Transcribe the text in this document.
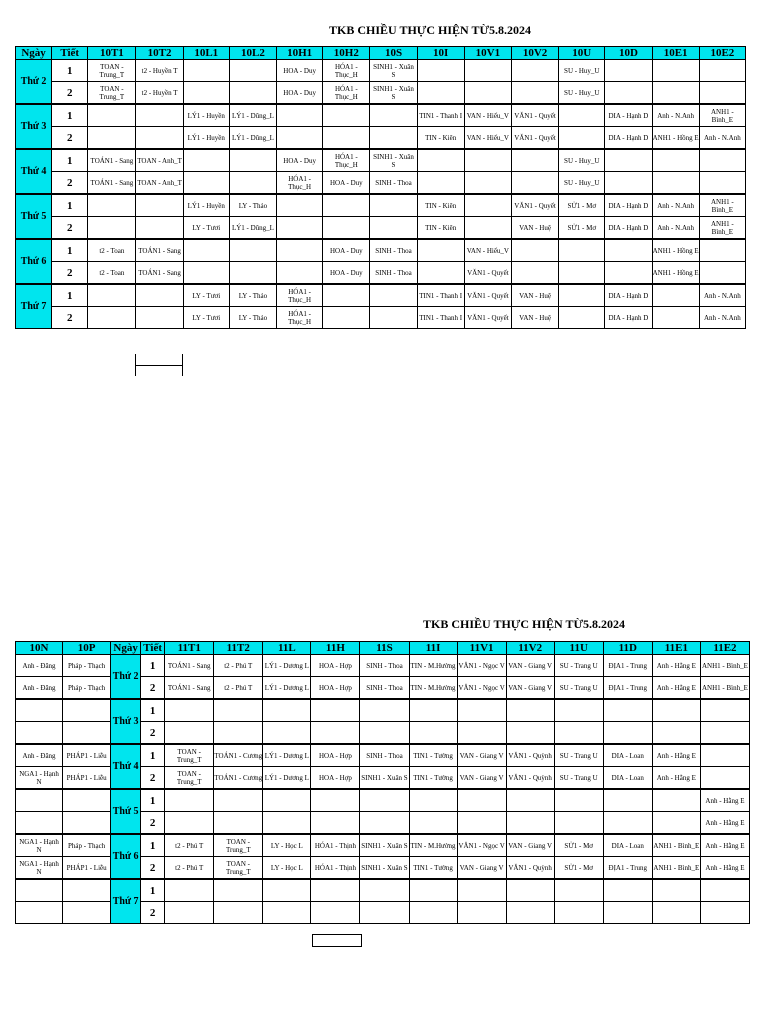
TKB CHIỀU THỰC HIỆN TỪ5.8.2024
Ngày	Tiết	10T1	10T2	10L1	10L2	10H1	10H2	10S	10I	10V1	10V2	10U	10D	10E1	10E2
Thứ 2	1	TOAN - Trung_T	t2 - Huyền T			HOA - Duy	HÓA1 - Thục_H	SINH1 - Xuân S				SU - Huy_U			
	2	TOAN - Trung_T	t2 - Huyền T			HOA - Duy	HÓA1 - Thục_H	SINH1 - Xuân S				SU - Huy_U			
Thứ 3	1			LÝ1 - Huyền	LÝ1 - Dũng_L				TIN1 - Thanh I	VAN - Hiếu_V	VĂN1 - Quyết		DIA - Hạnh D	Anh - N.Anh	ANH1 - Bình_E
	2			LÝ1 - Huyền	LÝ1 - Dũng_L				TIN - Kiên	VAN - Hiếu_V	VĂN1 - Quyết		DIA - Hạnh D	ANH1 - Hồng E	Anh - N.Anh
Thứ 4	1	TOÁN1 - Sang	TOAN - Anh_T			HOA - Duy	HÓA1 - Thục_H	SINH1 - Xuân S				SU - Huy_U			
	2	TOÁN1 - Sang	TOAN - Anh_T			HÓA1 - Thục_H	HOA - Duy	SINH - Thoa				SU - Huy_U			
Thứ 5	1			LÝ1 - Huyền	LY - Thảo				TIN - Kiên		VĂN1 - Quyết	SỬ1 - Mơ	DIA - Hạnh D	Anh - N.Anh	ANH1 - Bình_E
	2			LY - Tươi	LÝ1 - Dũng_L				TIN - Kiên		VAN - Huệ	SỬ1 - Mơ	DIA - Hạnh D	Anh - N.Anh	ANH1 - Bình_E
Thứ 6	1	t2 - Toan	TOÁN1 - Sang				HOA - Duy	SINH - Thoa		VAN - Hiếu_V				ANH1 - Hồng E	
	2	t2 - Toan	TOÁN1 - Sang				HOA - Duy	SINH - Thoa		VĂN1 - Quyết				ANH1 - Hồng E	
Thứ 7	1			LY - Tươi	LY - Thảo	HÓA1 - Thục_H			TIN1 - Thanh I	VĂN1 - Quyết	VAN - Huệ		DIA - Hạnh D		Anh - N.Anh
	2			LY - Tươi	LY - Thảo	HÓA1 - Thục_H			TIN1 - Thanh I	VĂN1 - Quyết	VAN - Huệ		DIA - Hạnh D		Anh - N.Anh
TKB CHIỀU THỰC HIỆN TỪ5.8.2024
10N	10P	Ngày	Tiết	11T1	11T2	11L	11H	11S	11I	11V1	11V2	11U	11D	11E1	11E2
Anh - Đăng	Pháp - Thạch	Thứ 2	1	TOÁN1 - Sang	t2 - Phú T	LÝ1 - Dương L	HOA - Hợp	SINH - Thoa	TIN - M.Hường	VĂN1 - Ngọc V	VAN - Giang V	SU - Trang U	ĐỊA1 - Trung	Anh - Hằng E	ANH1 - Bình_E
Anh - Đăng	Pháp - Thạch		2	TOÁN1 - Sang	t2 - Phú T	LÝ1 - Dương L	HOA - Hợp	SINH - Thoa	TIN - M.Hường	VĂN1 - Ngọc V	VAN - Giang V	SU - Trang U	ĐỊA1 - Trung	Anh - Hằng E	ANH1 - Bình_E
		Thứ 3	1												
			2												
Anh - Đăng	PHÁP1 - Liễu	Thứ 4	1	TOAN - Trung_T	TOÁN1 - Cương	LÝ1 - Dương L	HOA - Hợp	SINH - Thoa	TIN1 - Tường	VAN - Giang V	VĂN1 - Quỳnh	SU - Trang U	DIA - Loan	Anh - Hằng E	
NGA1 - Hạnh N	PHÁP1 - Liễu		2	TOAN - Trung_T	TOÁN1 - Cương	LÝ1 - Dương L	HOA - Hợp	SINH1 - Xuân S	TIN1 - Tường	VAN - Giang V	VĂN1 - Quỳnh	SU - Trang U	DIA - Loan	Anh - Hằng E	
		Thứ 5	1												Anh - Hằng E
			2												Anh - Hằng E
NGA1 - Hạnh N	Pháp - Thạch	Thứ 6	1	t2 - Phú T	TOAN - Trung_T	LY - Học L	HÓA1 - Thịnh	SINH1 - Xuân S	TIN - M.Hường	VĂN1 - Ngọc V	VAN - Giang V	SỬ1 - Mơ	DIA - Loan	ANH1 - Bình_E	Anh - Hằng E
NGA1 - Hạnh N	PHÁP1 - Liễu		2	t2 - Phú T	TOAN - Trung_T	LY - Học L	HÓA1 - Thịnh	SINH1 - Xuân S	TIN1 - Tường	VAN - Giang V	VĂN1 - Quỳnh	SỬ1 - Mơ	ĐỊA1 - Trung	ANH1 - Bình_E	Anh - Hằng E
		Thứ 7	1												
			2												
